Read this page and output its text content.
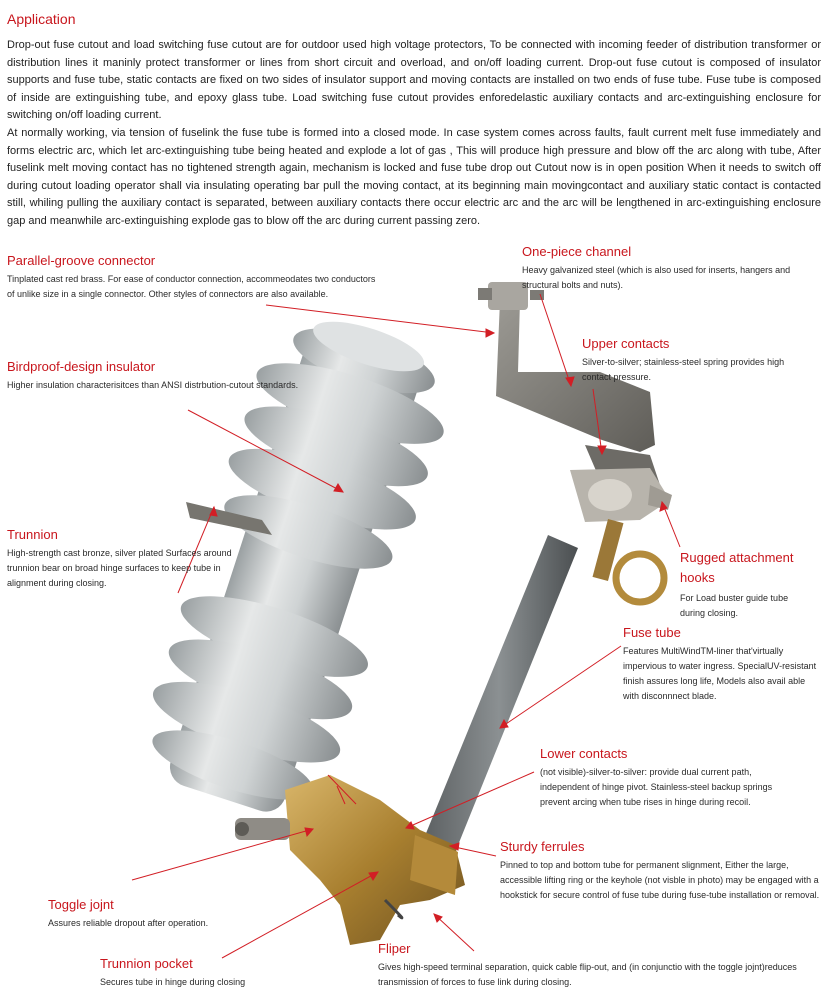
Application

Drop-out fuse cutout and load switching fuse cutout are for outdoor used high voltage protectors, To be connected with incoming feeder of distribution transformer or distribution lines it maninly protect transformer or lines from short circuit and overload, and on/off loading current. Drop-out fuse cutout is composed of insulator supports and fuse tube, static contacts are fixed on two sides of insulator support and moving contacts are installed on two ends of fuse tube. Fuse tube is composed of inside are extinguishing tube, and epoxy glass tube. Load switching fuse cutout provides enforedelastic auxiliary contacts and arc-extinguishing enclosure for switching on/off loading current.

At normally working, via tension of fuselink the fuse tube is formed into a closed mode. In case system comes across faults, fault current melt fuse immediately and forms electric arc, which let arc-extinguishing tube being heated and explode a lot of gas , This will produce high pressure and blow off the arc along with tube, After fuselink melt moving contact has no tightened strength again, mechanism is locked and fuse tube drop out Cutout now is in open position When it needs to switch off during cutout loading operator shall via insulating operating bar pull the moving contact, at its beginning main movingcontact and auxiliary static contact is contacted still, whiling pulling the auxiliary contact is separated, between auxiliary contacts there occur electric arc and the arc will be lengthened in arc-extinguishing enclosure gap and meanwhile arc-extinguishing explode gas to blow off the arc during current passing zero.

Parallel-groove connector
Tinplated cast red brass. For ease of conductor connection, accommeodates two conductors of unlike size in a single connector. Other styles of connectors are also available.
One-piece channel
Heavy galvanized steel (which is also used for inserts, hangers and structural bolts and nuts).
Upper contacts
Silver-to-silver; stainless-steel spring provides high contact pressure.
Birdproof-design insulator
Higher insulation characterisitces than ANSI distrbution-cutout standards.
Trunnion
High-strength cast bronze, silver plated Surfaces around trunnion bear on broad hinge surfaces to keep tube in alignment during closing.
Rugged attachment hooks
For Load buster guide tube during closing.
Fuse tube
Features MultiWindTM-liner that'virtually impervious to water ingress. SpecialUV-resistant finish assures long life, Models also avail able with disconnnect blade.
Lower contacts
(not visible)-silver-to-silver: provide dual current path, independent of hinge pivot. Stainless-steel backup springs prevent arcing when tube rises in hinge during recoil.
Sturdy ferrules
Pinned to top and bottom tube for permanent slignment, Either the large, accessible lifting ring or the keyhole (not visble in photo) may be engaged with a hookstick for secure control of fuse tube during fuse-tube installation or removal.
Toggle jojnt
Assures reliable dropout after operation.
Trunnion pocket
Secures tube in hinge during closing
Fliper
Gives high-speed terminal separation, quick cable flip-out, and (in conjunctio with the toggle jojnt)reduces transmission of forces to fuse link during closing.
